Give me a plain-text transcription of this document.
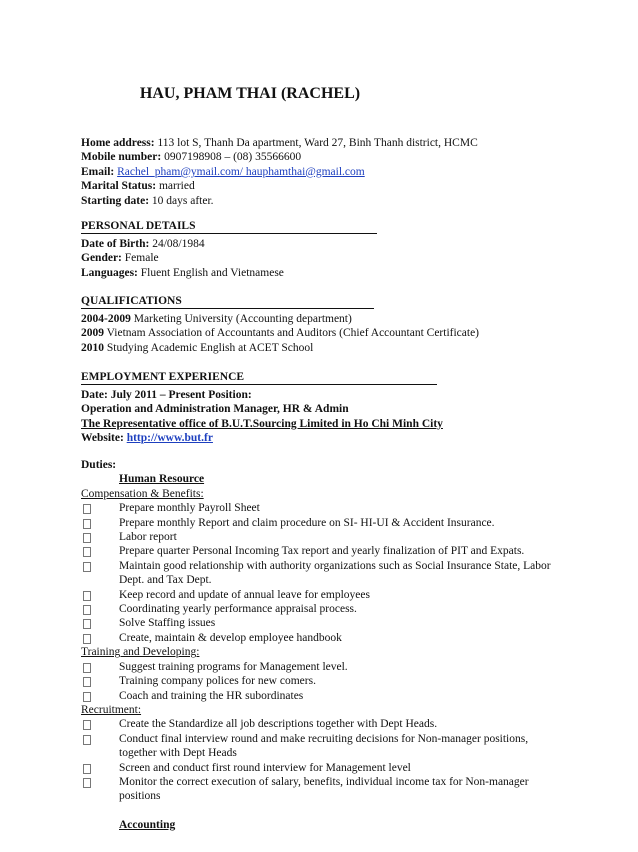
HAU, PHAM THAI (RACHEL)
Home address: 113 lot S, Thanh Da apartment, Ward 27, Binh Thanh district, HCMC
Mobile number: 0907198908 – (08) 35566600
Email: Rachel_pham@ymail.com/ hauphamthai@gmail.com
Marital Status: married
Starting date: 10 days after.
PERSONAL DETAILS
Date of Birth: 24/08/1984
Gender: Female
Languages: Fluent English and Vietnamese
QUALIFICATIONS
2004-2009 Marketing University (Accounting department)
2009 Vietnam Association of Accountants and Auditors (Chief Accountant Certificate)
2010 Studying Academic English at ACET School
EMPLOYMENT EXPERIENCE
Date: July 2011 – Present Position:
Operation and Administration Manager, HR & Admin
The Representative office of B.U.T.Sourcing Limited in Ho Chi Minh City
Website: http://www.but.fr
Duties:
Human Resource
Compensation & Benefits:
Prepare monthly Payroll Sheet
Prepare monthly Report and claim procedure on SI- HI-UI & Accident Insurance.
Labor report
Prepare quarter Personal Incoming Tax report and yearly finalization of PIT and Expats.
Maintain good relationship with authority organizations such as Social Insurance State, Labor
Dept. and Tax Dept.
Keep record and update of annual leave for employees
Coordinating yearly performance appraisal process.
Solve Staffing issues
Create, maintain & develop employee handbook
Training and Developing:
Suggest training programs for Management level.
Training company polices for new comers.
Coach and training the HR subordinates
Recruitment:
Create the Standardize all job descriptions together with Dept Heads.
Conduct final interview round and make recruiting decisions for Non-manager positions,
together with Dept Heads
Screen and conduct first round interview for Management level
Monitor the correct execution of salary, benefits, individual income tax for Non-manager
positions
Accounting
